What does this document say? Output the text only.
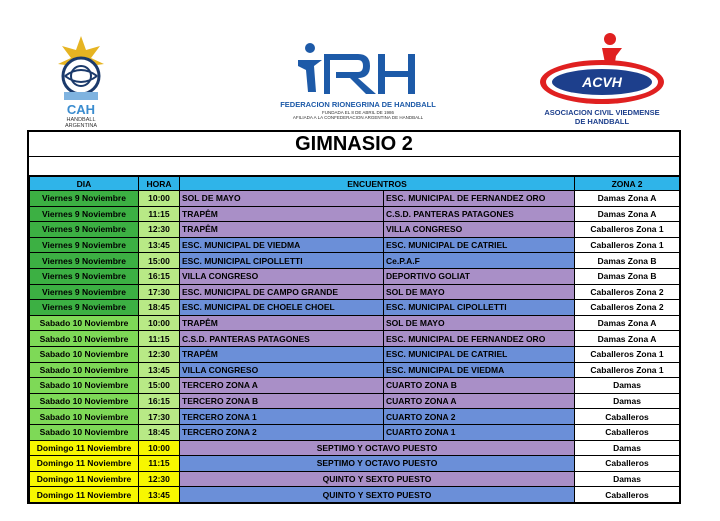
CAH
HANDBALL
ARGENTINA
FEDERACION RIONEGRINA DE HANDBALL
FUNDADA EL 8 DE ABRIL DE 1986
AFILIADA A LA CONFEDERACION ARGENTINA DE HANDBALL
ACVH
ASOCIACION CIVIL VIEDMENSE
DE HANDBALL
GIMNASIO 2
DIA	HORA	ENCUENTROS		ZONA 2
Viernes 9 Noviembre	10:00	SOL DE MAYO	ESC. MUNICIPAL DE FERNANDEZ ORO	Damas Zona A
Viernes 9 Noviembre	11:15	TRAPÊM	C.S.D. PANTERAS PATAGONES	Damas Zona A
Viernes 9 Noviembre	12:30	TRAPÊM	VILLA CONGRESO	Caballeros Zona 1
Viernes 9 Noviembre	13:45	ESC. MUNICIPAL DE VIEDMA	ESC. MUNICIPAL DE CATRIEL	Caballeros Zona 1
Viernes 9 Noviembre	15:00	ESC. MUNICIPAL CIPOLLETTI	Ce.P.A.F	Damas Zona B
Viernes 9 Noviembre	16:15	VILLA CONGRESO	DEPORTIVO GOLIAT	Damas Zona B
Viernes 9 Noviembre	17:30	ESC. MUNICIPAL DE CAMPO GRANDE	SOL DE MAYO	Caballeros Zona 2
Viernes 9 Noviembre	18:45	ESC. MUNICIPAL DE CHOELE CHOEL	ESC. MUNICIPAL CIPOLLETTI	Caballeros Zona 2
Sabado 10 Noviembre	10:00	TRAPÊM	SOL DE MAYO	Damas Zona A
Sabado 10 Noviembre	11:15	C.S.D. PANTERAS PATAGONES	ESC. MUNICIPAL DE FERNANDEZ ORO	Damas Zona A
Sabado 10 Noviembre	12:30	TRAPÊM	ESC. MUNICIPAL DE CATRIEL	Caballeros Zona 1
Sabado 10 Noviembre	13:45	VILLA CONGRESO	ESC. MUNICIPAL DE VIEDMA	Caballeros Zona 1
Sabado 10 Noviembre	15:00	TERCERO ZONA A	CUARTO ZONA B	Damas
Sabado 10 Noviembre	16:15	TERCERO ZONA B	CUARTO ZONA A	Damas
Sabado 10 Noviembre	17:30	TERCERO ZONA 1	CUARTO ZONA 2	Caballeros
Sabado 10 Noviembre	18:45	TERCERO ZONA 2	CUARTO ZONA 1	Caballeros
Domingo 11 Noviembre	10:00	SEPTIMO Y OCTAVO PUESTO		Damas
Domingo 11 Noviembre	11:15	SEPTIMO Y OCTAVO PUESTO		Caballeros
Domingo 11 Noviembre	12:30	QUINTO Y SEXTO PUESTO		Damas
Domingo 11 Noviembre	13:45	QUINTO Y SEXTO PUESTO		Caballeros
